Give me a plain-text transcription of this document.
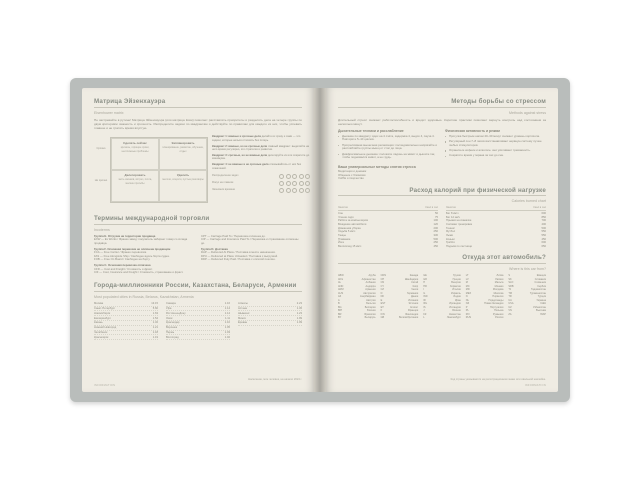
Матрица Эйзенхауэра
Eisenhower matrix
Не застревайте в рутине! Матрица Эйзенхауэра (или матрица Кови) помогает расставлять приоритеты и разделять дела на четыре группы по двум критериям: важность и срочность. Распределите задачи по квадрантам и действуйте по правилам для каждого из них, чтобы успевать главное и не тратить время впустую.
Срочно
Не срочно
Сделать сейчас
кризисы, горящие сроки, неотложные проблемы
Запланировать
планирование, развитие, обучение, отдых
Делегировать
часть звонков, встреч, почта, мелкие просьбы
Удалить
мелочи, соцсети, пустые разговоры
Квадрант 1: важные и срочные дела делайте их сразу и сами — это задачи, которые нельзя отложить без потерь.
Квадрант 2: важные, но не срочные дела главный квадрант: выделяйте на него время регулярно, это стратегия и развитие.
Квадрант 3: срочные, но не важные дела делегируйте их или сократите до минимума.
Квадрант 4: не важные и не срочные дела отказывайтесь от них без сожалений.
Распределение задач
Фокус на главном
Экономия времени
Термины международной торговли
Incoterms
Группа E. Отгрузка на территории продавца
EXW — Ex Works / Франко завод: покупатель забирает товар со склада продавца.
Группа F. Основная перевозка не оплачена продавцом
FCA — Free Carrier / Франко перевозчик.
FAS — Free Alongside Ship / Свободно вдоль борта судна.
FOB — Free On Board / Свободно на борту.
Группа C. Основная перевозка оплачена
CFR — Cost and Freight / Стоимость и фрахт.
CIF — Cost, Insurance and Freight / Стоимость, страхование и фрахт.
CPT — Carriage Paid To / Перевозка оплачена до.
CIP — Carriage and Insurance Paid To / Перевозка и страхование оплачены до.
Группа D. Доставка
DAP — Delivered At Place / Поставка в месте назначения.
DPU — Delivered at Place Unloaded / Поставка с выгрузкой.
DDP — Delivered Duty Paid / Поставка с оплатой пошлин.
Города-миллионники России, Казахстана, Беларуси, Армении
Most populated cities in Russia, Belarus, Kazakhstan, Armenia
Москва	13.15
Санкт-Петербург	5.60
Новосибирск	1.63
Екатеринбург	1.54
Казань	1.32
Нижний Новгород	1.21
Челябинск	1.18
Красноярск	1.19
Самара	1.16
Уфа	1.14
Ростов-на-Дону	1.14
Омск	1.11
Краснодар	1.10
Воронеж	1.05
Пермь	1.03
Волгоград	1.02
Алматы	2.23
Астана	1.45
Шымкент	1.23
Минск	1.99
Ереван	1.09
Население, млн человек, на начало 2024 г.
INFORMATION
Методы борьбы со стрессом
Methods against stress
Длительный стресс снижает работоспособность и вредит здоровью. Короткие практики помогают вернуть контроль над состоянием за несколько минут.
Дыхательные техники и расслабление
Дыхание по квадрату: вдох на 4 счёта, задержка 4, выдох 4, пауза 4. Повторите 5–10 циклов.
Прогрессивная мышечная релаксация: последовательно напрягайте и расслабляйте группы мышц от стоп до лица.
Диафрагмальное дыхание: положите ладонь на живот и дышите так, чтобы поднимался живот, а не грудь.
Физическая активность и режим
Прогулка быстрым шагом 20–30 минут снижает уровень кортизола.
Регулярный сон 7–8 часов восстанавливает нервную систему лучше любых стимуляторов.
Ограничьте кофеин и алкоголь: они усиливают тревожность.
Сократите время у экрана за час до сна.
Ваши универсальные методы снятия стресса
Медитация и дневник
Общение с близкими
Хобби и творчество
Расход калорий при физической нагрузке
Calories burned chart
Занятие	Ккал в час
Сон	50
Чтение сидя	75
Работа за компьютером	100
Вождение автомобиля	120
Домашняя уборка	200
Ходьба 5 км/ч	250
Танцы	330
Плавание	500
Йога	250
Велосипед 15 км/ч	450
Занятие	Ккал в час
Бег 8 км/ч	600
Бег 12 км/ч	850
Прыжки на скакалке	700
Силовая тренировка	400
Теннис	500
Футбол	550
Лыжи	550
Коньки	450
Гребля	600
Подъём по лестнице	650
Откуда этот автомобиль?
Where is this car from?
ABW	Аруба
AFG	Афганистан
AL	Албания
AND	Андорра
ARM	Армения
AUS	Австралия
AZ	Азербайджан
A	Австрия
B	Бельгия
BG	Болгария
BIH	Босния
BR	Бразилия
BY	Беларусь
CDN	Канада
CH	Швейцария
CN	Китай
CY	Кипр
CZ	Чехия
D	Германия
DK	Дания
E	Испания
EST	Эстония
ET	Египет
F	Франция
FIN	Финляндия
GB	Великобритания
GE	Грузия
GR	Греция
H	Венгрия
HR	Хорватия
I	Италия
IL	Израиль
IND	Индия
IR	Иран
IRL	Ирландия
IS	Исландия
J	Япония
KZ	Казахстан
L	Люксембург
LT	Литва
LV	Латвия
M	Мальта
MC	Монако
MD	Молдова
MEX	Мексика
N	Норвегия
NL	Нидерланды
NZ	Новая Зеландия
P	Португалия
PL	Польша
RO	Румыния
RUS	Россия
S	Швеция
SK	Словакия
SLO	Словения
SRB	Сербия
TJ	Таджикистан
TM	Туркменистан
TR	Турция
UA	Украина
USA	США
UZ	Узбекистан
VN	Вьетнам
ZA	ЮАР
Код страны указывается на регистрационном знаке или овальной наклейке.
INFORMATION
